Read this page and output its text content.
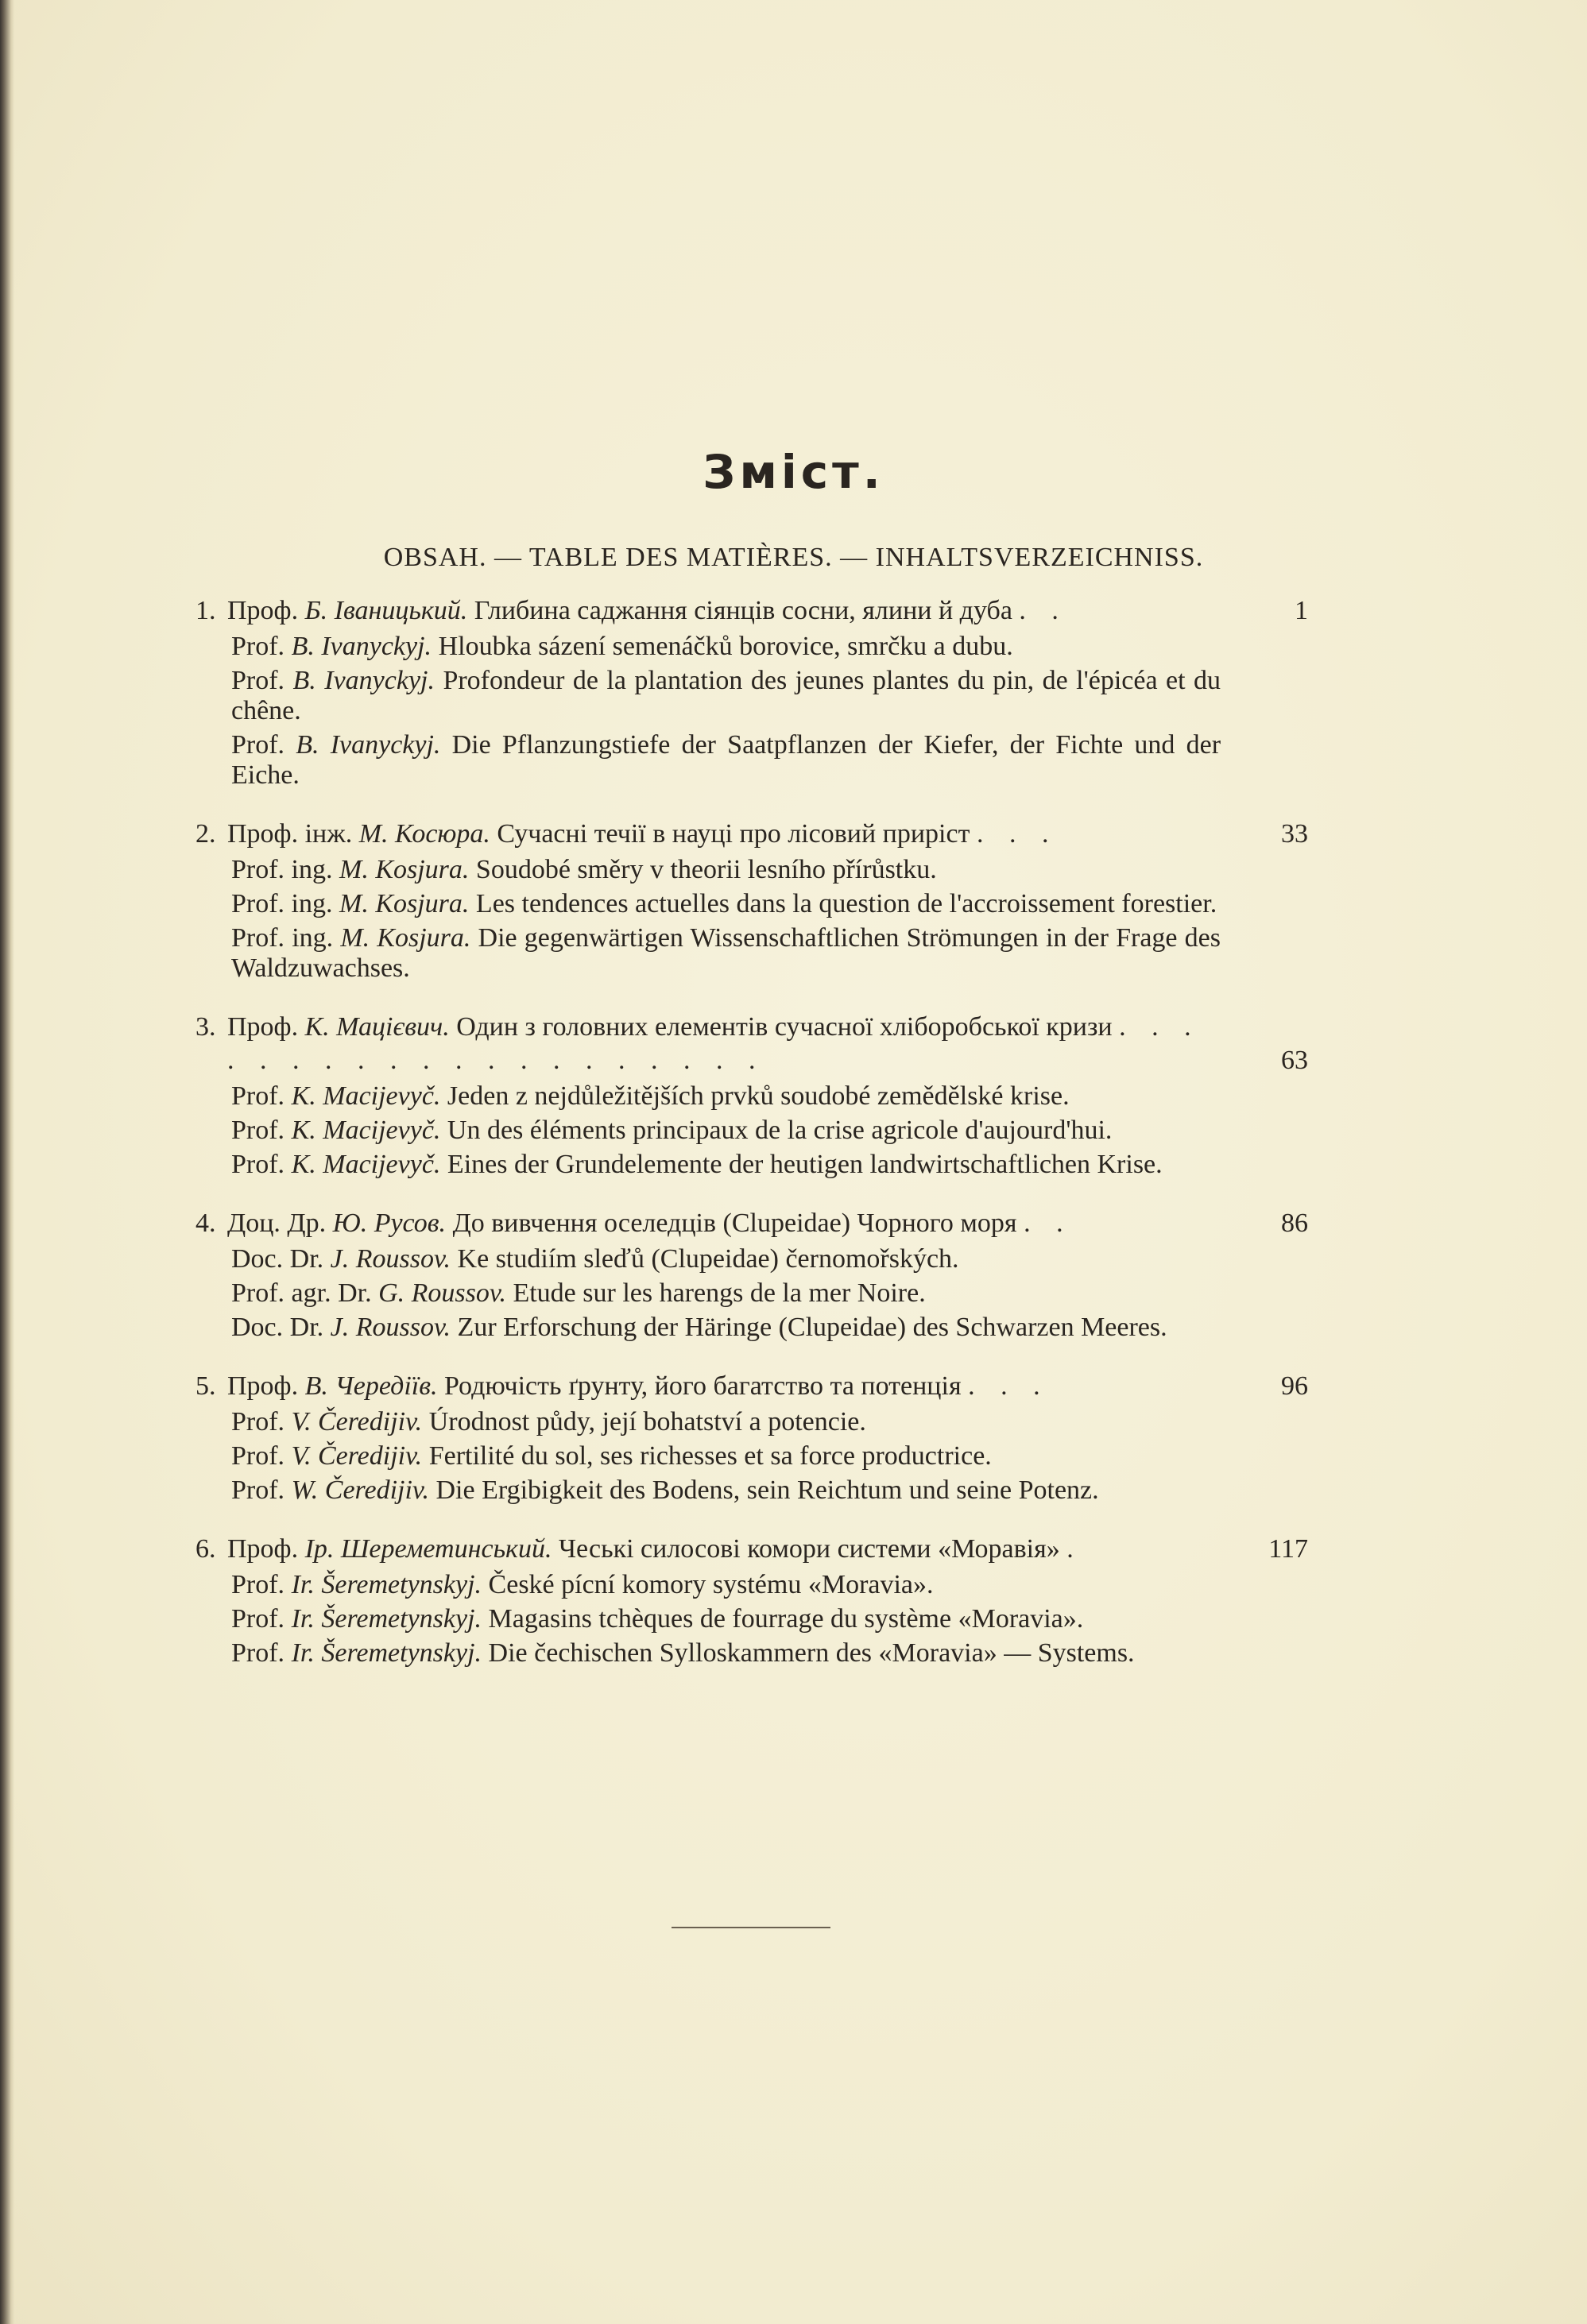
Зміст.
OBSAH. — TABLE DES MATIÈRES. — INHALTSVERZEICHNISS.
1. Проф. Б. Іваницький. Глибина саджання сіянців сосни, ялини й дуба . .	1
Prof. B. Ivanyckyj. Hloubka sázení semenáčků borovice, smrčku a dubu.
Prof. B. Ivanyckyj. Profondeur de la plantation des jeunes plantes du pin, de l'épicéa et du chêne.
Prof. B. Ivanyckyj. Die Pflanzungstiefe der Saatpflanzen der Kiefer, der Fichte und der Eiche.
2. Проф. інж. М. Косюра. Сучасні течії в науці про лісовий приріст . . .	33
Prof. ing. M. Kosjura. Soudobé směry v theorii lesního přírůstku.
Prof. ing. M. Kosjura. Les tendences actuelles dans la question de l'accroissement forestier.
Prof. ing. M. Kosjura. Die gegenwärtigen Wissenschaftlichen Strömungen in der Frage des Waldzuwachses.
3. Проф. К. Мацієвич. Один з головних елементів сучасної хліборобської кризи . . . . . . . . . . . . . . . . . . . .	63
Prof. K. Macijevyč. Jeden z nejdůležitějších prvků soudobé zemědělské krise.
Prof. K. Macijevyč. Un des éléments principaux de la crise agricole d'aujourd'hui.
Prof. K. Macijevyč. Eines der Grundelemente der heutigen landwirtschaftlichen Krise.
4. Доц. Др. Ю. Русов. До вивчення оселедців (Clupeidae) Чорного моря . .	86
Doc. Dr. J. Roussov. Ke studiím sleďů (Clupeidae) černomořských.
Prof. agr. Dr. G. Roussov. Etude sur les harengs de la mer Noire.
Doc. Dr. J. Roussov. Zur Erforschung der Häringe (Clupeidae) des Schwarzen Meeres.
5. Проф. В. Чередіїв. Родючість ґрунту, його багатство та потенція . . .	96
Prof. V. Čeredijiv. Úrodnost půdy, její bohatství a potencie.
Prof. V. Čeredijiv. Fertilité du sol, ses richesses et sa force productrice.
Prof. W. Čeredijiv. Die Ergibigkeit des Bodens, sein Reichtum und seine Potenz.
6. Проф. Ір. Шереметинський. Чеські силосові комори системи «Моравія» .	117
Prof. Ir. Šeremetynskyj. České pícní komory systému «Moravia».
Prof. Ir. Šeremetynskyj. Magasins tchèques de fourrage du système «Moravia».
Prof. Ir. Šeremetynskyj. Die čechischen Sylloskammern des «Moravia» — Systems.
